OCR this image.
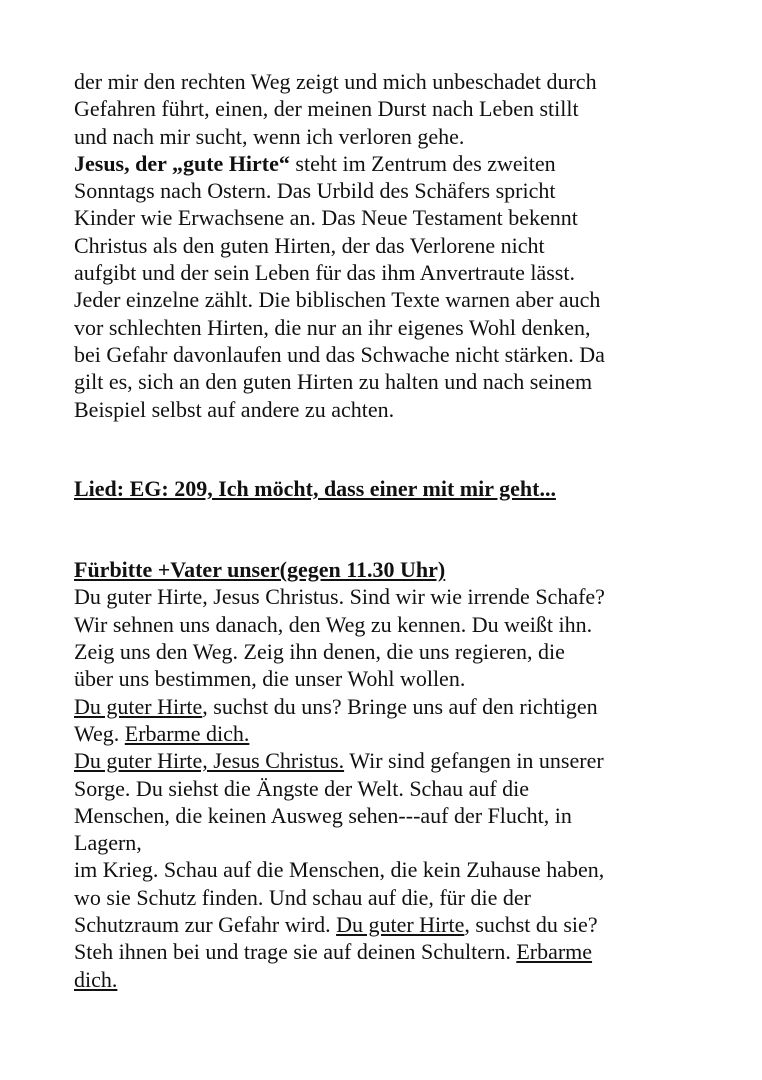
der mir den rechten Weg zeigt und mich unbeschadet durch
Gefahren führt, einen, der meinen Durst nach Leben stillt
und nach mir sucht, wenn ich verloren gehe.
Jesus, der „gute Hirte“ steht im Zentrum des zweiten
Sonntags nach Ostern. Das Urbild des Schäfers spricht
Kinder wie Erwachsene an. Das Neue Testament bekennt
Christus als den guten Hirten, der das Verlorene nicht
aufgibt und der sein Leben für das ihm Anvertraute lässt.
Jeder einzelne zählt. Die biblischen Texte warnen aber auch
vor schlechten Hirten, die nur an ihr eigenes Wohl denken,
bei Gefahr davonlaufen und das Schwache nicht stärken. Da
gilt es, sich an den guten Hirten zu halten und nach seinem
Beispiel selbst auf andere zu achten.
Lied: EG: 209, Ich möcht, dass einer mit mir geht...
Fürbitte +Vater unser(gegen 11.30 Uhr)
Du guter Hirte, Jesus Christus. Sind wir wie irrende Schafe?
Wir sehnen uns danach, den Weg zu kennen. Du weißt ihn.
Zeig uns den Weg. Zeig ihn denen, die uns regieren, die
über uns bestimmen, die unser Wohl wollen.
Du guter Hirte, suchst du uns? Bringe uns auf den richtigen
Weg. Erbarme dich.
Du guter Hirte, Jesus Christus. Wir sind gefangen in unserer
Sorge. Du siehst die Ängste der Welt. Schau auf die
Menschen, die keinen Ausweg sehen---auf der Flucht, in
Lagern,
im Krieg. Schau auf die Menschen, die kein Zuhause haben,
wo sie Schutz finden. Und schau auf die, für die der
Schutzraum zur Gefahr wird. Du guter Hirte, suchst du sie?
Steh ihnen bei und trage sie auf deinen Schultern. Erbarme
dich.
